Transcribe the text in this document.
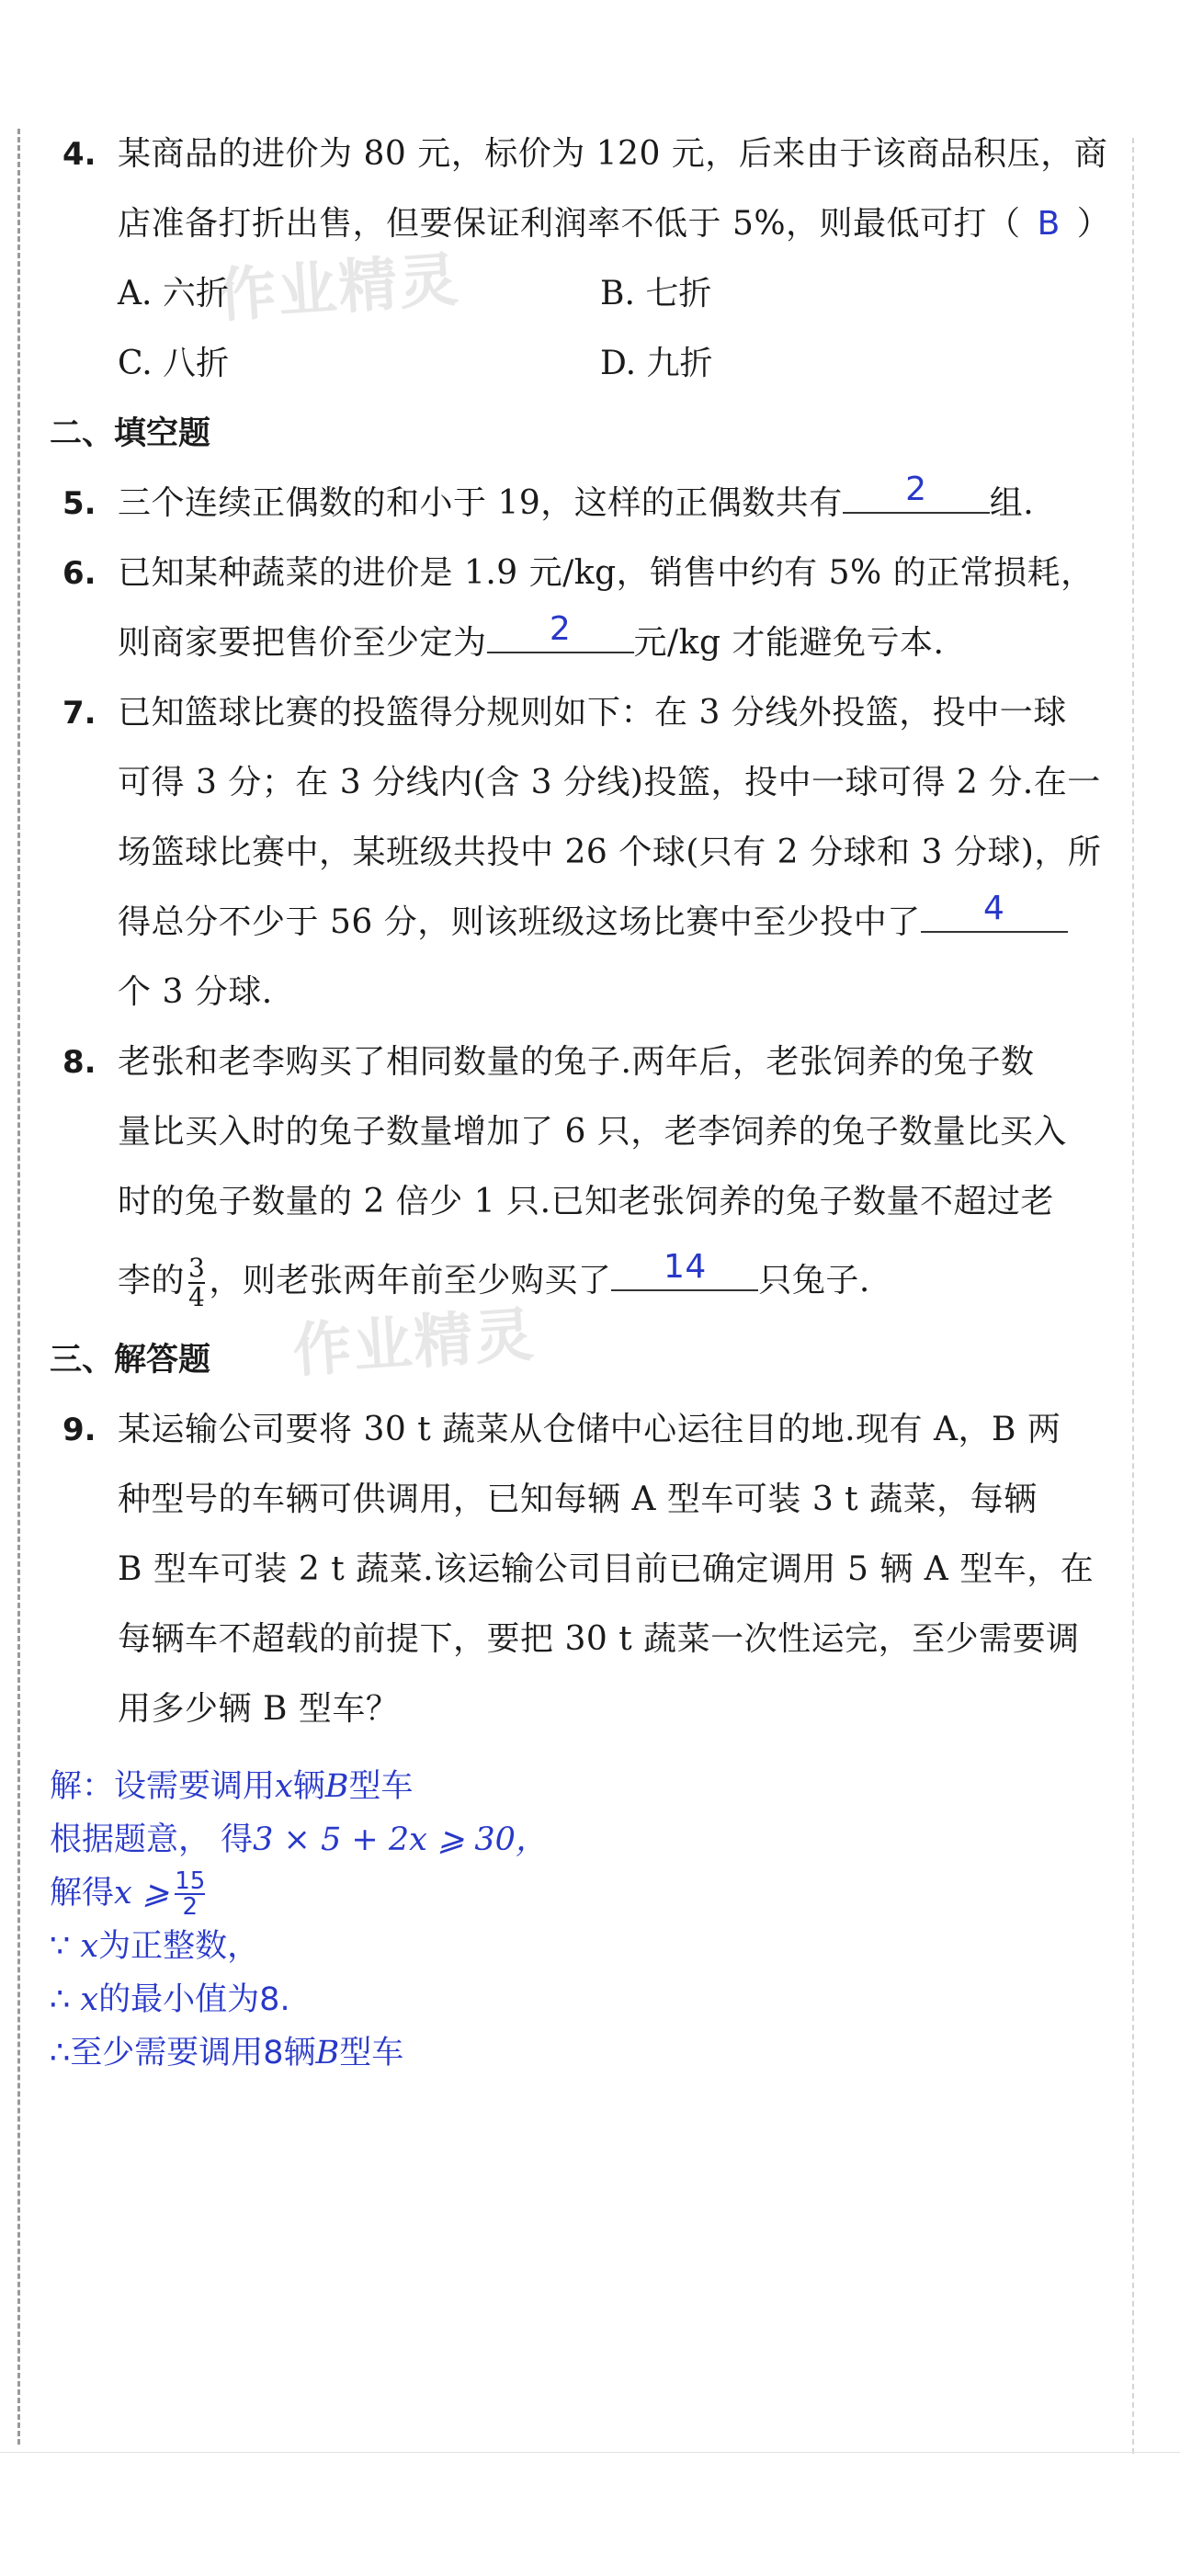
作业精灵
作业精灵
4. 某商品的进价为 80 元，标价为 120 元，后来由于该商品积压，商
店准备打折出售，但要保证利润率不低于 5%，则最低可打（ B ）
A. 六折	B. 七折
C. 八折	D. 九折
二、填空题
5. 三个连续正偶数的和小于 19，这样的正偶数共有	2	组.
6. 已知某种蔬菜的进价是 1.9 元/kg，销售中约有 5% 的正常损耗，
则商家要把售价至少定为	2	元/kg 才能避免亏本.
7. 已知篮球比赛的投篮得分规则如下：在 3 分线外投篮，投中一球
可得 3 分；在 3 分线内(含 3 分线)投篮，投中一球可得 2 分.在一
场篮球比赛中，某班级共投中 26 个球(只有 2 分球和 3 分球)，所
得总分不少于 56 分，则该班级这场比赛中至少投中了	4
个 3 分球.
8. 老张和老李购买了相同数量的兔子.两年后，老张饲养的兔子数
量比买入时的兔子数量增加了 6 只，老李饲养的兔子数量比买入
时的兔子数量的 2 倍少 1 只.已知老张饲养的兔子数量不超过老
李的 $\frac{3}{4}$ ，则老张两年前至少购买了	14	只兔子.
三、解答题
9. 某运输公司要将 30 t 蔬菜从仓储中心运往目的地.现有 A，B 两
种型号的车辆可供调用，已知每辆 A 型车可装 3 t 蔬菜，每辆
B 型车可装 2 t 蔬菜.该运输公司目前已确定调用 5 辆 A 型车，在
每辆车不超载的前提下，要把 30 t 蔬菜一次性运完，至少需要调
用多少辆 B 型车？
解：设需要调用x辆B型车
根据题意， 得3 × 5 + 2x ⩾ 30，
解得x ⩾ $\frac{15}{2}$
∵ x为正整数，
∴ x的最小值为8.
∴至少需要调用8辆B型车
